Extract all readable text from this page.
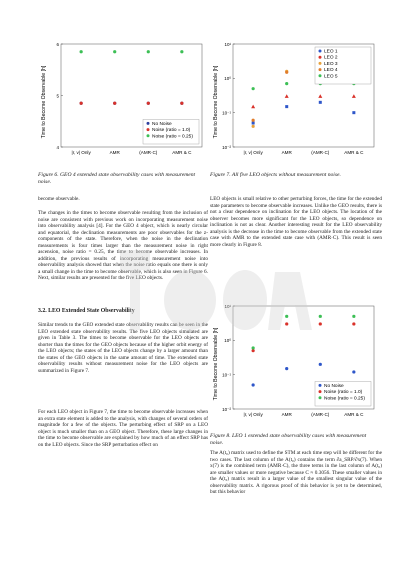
Time to Become Observable [h]
4
5
6
No Noise
Noise (ratio = 1.0)
Noise (ratio = 0.25)
|r, v| Only	AMR	(AMR·C)	AMR & C
Figure 6. GEO 4 extended state observability cases with measurement noise.
Time to Become Observable [h]
10⁻²
10⁻¹
10⁰
10¹
LEO 1
LEO 2
LEO 3
LEO 4
LEO 5
|r, v| Only	AMR	(AMR·C)	AMR & C
Figure 7. All five LEO objects without measurement noise.
Time to Become Observable [h]
10⁻²
10⁻¹
10⁰
10¹
No Noise
Noise (ratio = 1.0)
Noise (ratio = 0.25)
|r, v| Only	AMR	(AMR·C)	AMR & C
Figure 8. LEO 1 extended state observability cases with measurement noise.
become observable.
The changes in the times to become observable resulting from the inclusion of noise are consistent with previous work on incorporating measurement noise into observability analysis [4]. For the GEO 4 object, which is nearly circular and equatorial, the declination measurements are poor observables for the z-components of the state. Therefore, when the noise in the declination measurements is four times larger than the measurement noise in right ascension, noise ratio = 0.25, the time to become observable increases. In addition, the previous results of incorporating measurement noise into observability analysis showed that when the noise ratio equals one there is only a small change in the time to become observable, which is also seen in Figure 6. Next, similar results are presented for the five LEO objects.
3.2. LEO Extended State Observability
Similar trends to the GEO extended state observability results can be seen in the LEO extended state observability results. The five LEO objects simulated are given in Table 3. The times to become observable for the LEO objects are shorter than the times for the GEO objects because of the higher orbit energy of the LEO objects; the states of the LEO objects change by a larger amount than the states of the GEO objects in the same amount of time. The extended state observability results without measurement noise for the LEO objects are summarized in Figure 7.
For each LEO object in Figure 7, the time to become observable increases when an extra state element is added to the analysis, with changes of several orders of magnitude for a few of the objects. The perturbing effect of SRP on a LEO object is much smaller than on a GEO object. Therefore, these large changes in the time to become observable are explained by how much of an effect SRP has on the LEO objects. Since the SRP perturbation effect on
LEO objects is small relative to other perturbing forces, the time for the extended state parameters to become observable increases. Unlike the GEO results, there is not a clear dependence on inclination for the LEO objects. The location of the observer becomes more significant for the LEO objects, so dependence on inclination is not as clear. Another interesting result for the LEO observability analysis is the decrease in the time to become observable from the extended state case with AMR to the extended state case with (AMR·C). This result is seen more clearly in Figure 8.
The A(t₀) matrix used to define the STM at each time step will be different for the two cases. The last column of the A(t₀) contains the term ∂a_SRP/∂x(7). When x(7) is the combined term (AMR·C), the three terms in the last column of A(t₀) are smaller values or more negative because C ≈ 0.3056. These smaller values in the A(t₀) matrix result in a larger value of the smallest singular value of the observability matrix. A rigorous proof of this behavior is yet to be determined, but this behavior
